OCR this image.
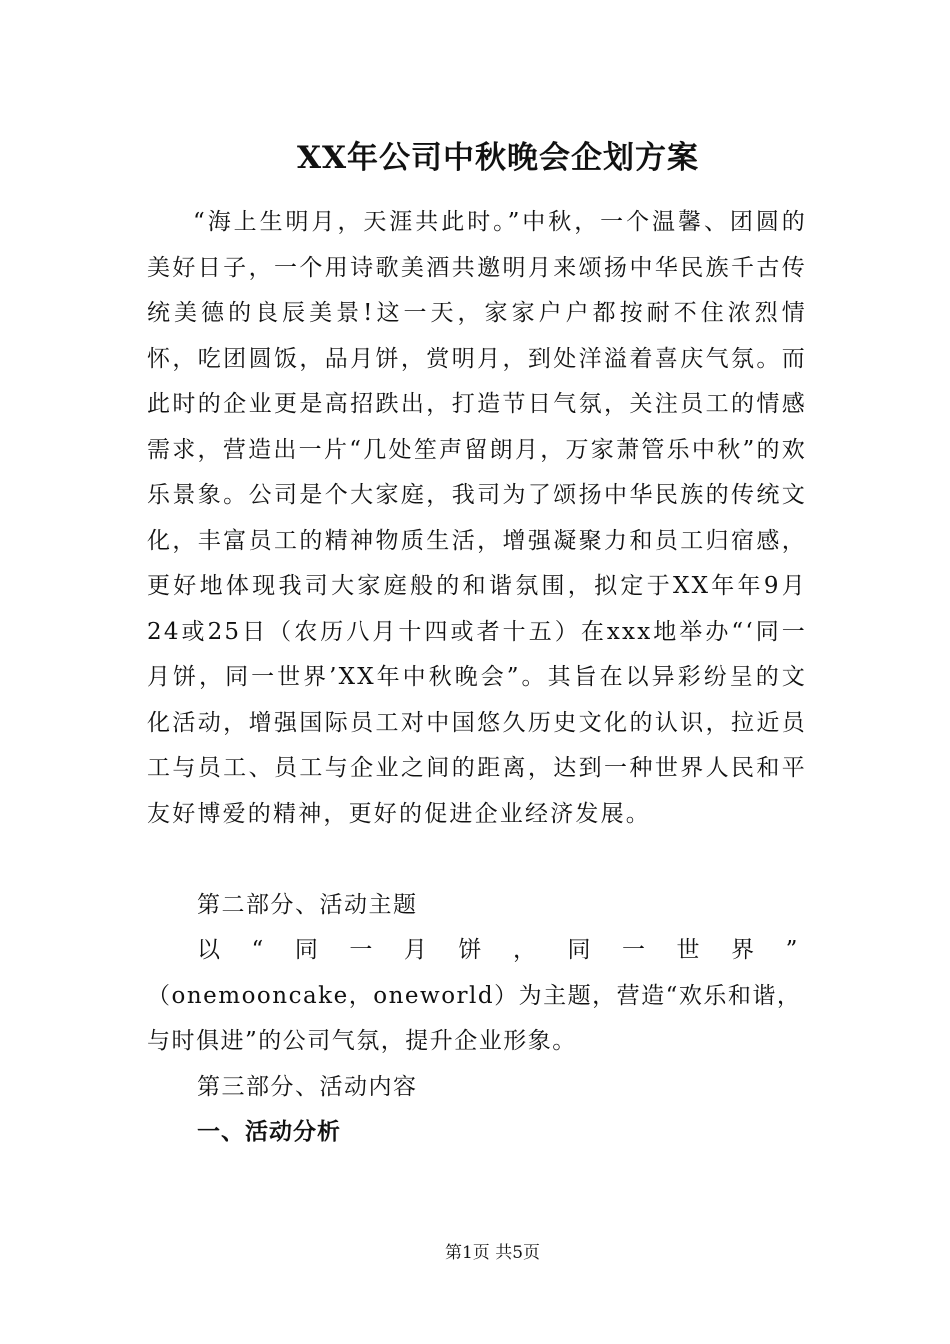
XX年公司中秋晚会企划方案

“海上生明月，天涯共此时。”中秋，一个温馨、团圆的美好日子，一个用诗歌美酒共邀明月来颂扬中华民族千古传统美德的良辰美景!这一天，家家户户都按耐不住浓烈情怀，吃团圆饭，品月饼，赏明月，到处洋溢着喜庆气氛。而此时的企业更是高招跌出，打造节日气氛，关注员工的情感需求，营造出一片“几处笙声留朗月，万家萧管乐中秋”的欢乐景象。公司是个大家庭，我司为了颂扬中华民族的传统文化，丰富员工的精神物质生活，增强凝聚力和员工归宿感，更好地体现我司大家庭般的和谐氛围，拟定于XX年年9月24或25日（农历八月十四或者十五）在xxx地举办“‘同一月饼，同一世界’XX年中秋晚会”。其旨在以异彩纷呈的文化活动，增强国际员工对中国悠久历史文化的认识，拉近员工与员工、员工与企业之间的距离，达到一种世界人民和平友好博爱的精神，更好的促进企业经济发展。

第二部分、活动主题

以 “ 同 一 月 饼 ， 同 一 世 界 ”
（onemooncake，oneworld）为主题，营造“欢乐和谐，与时俱进”的公司气氛，提升企业形象。

第三部分、活动内容

一、活动分析

第1页 共5页
